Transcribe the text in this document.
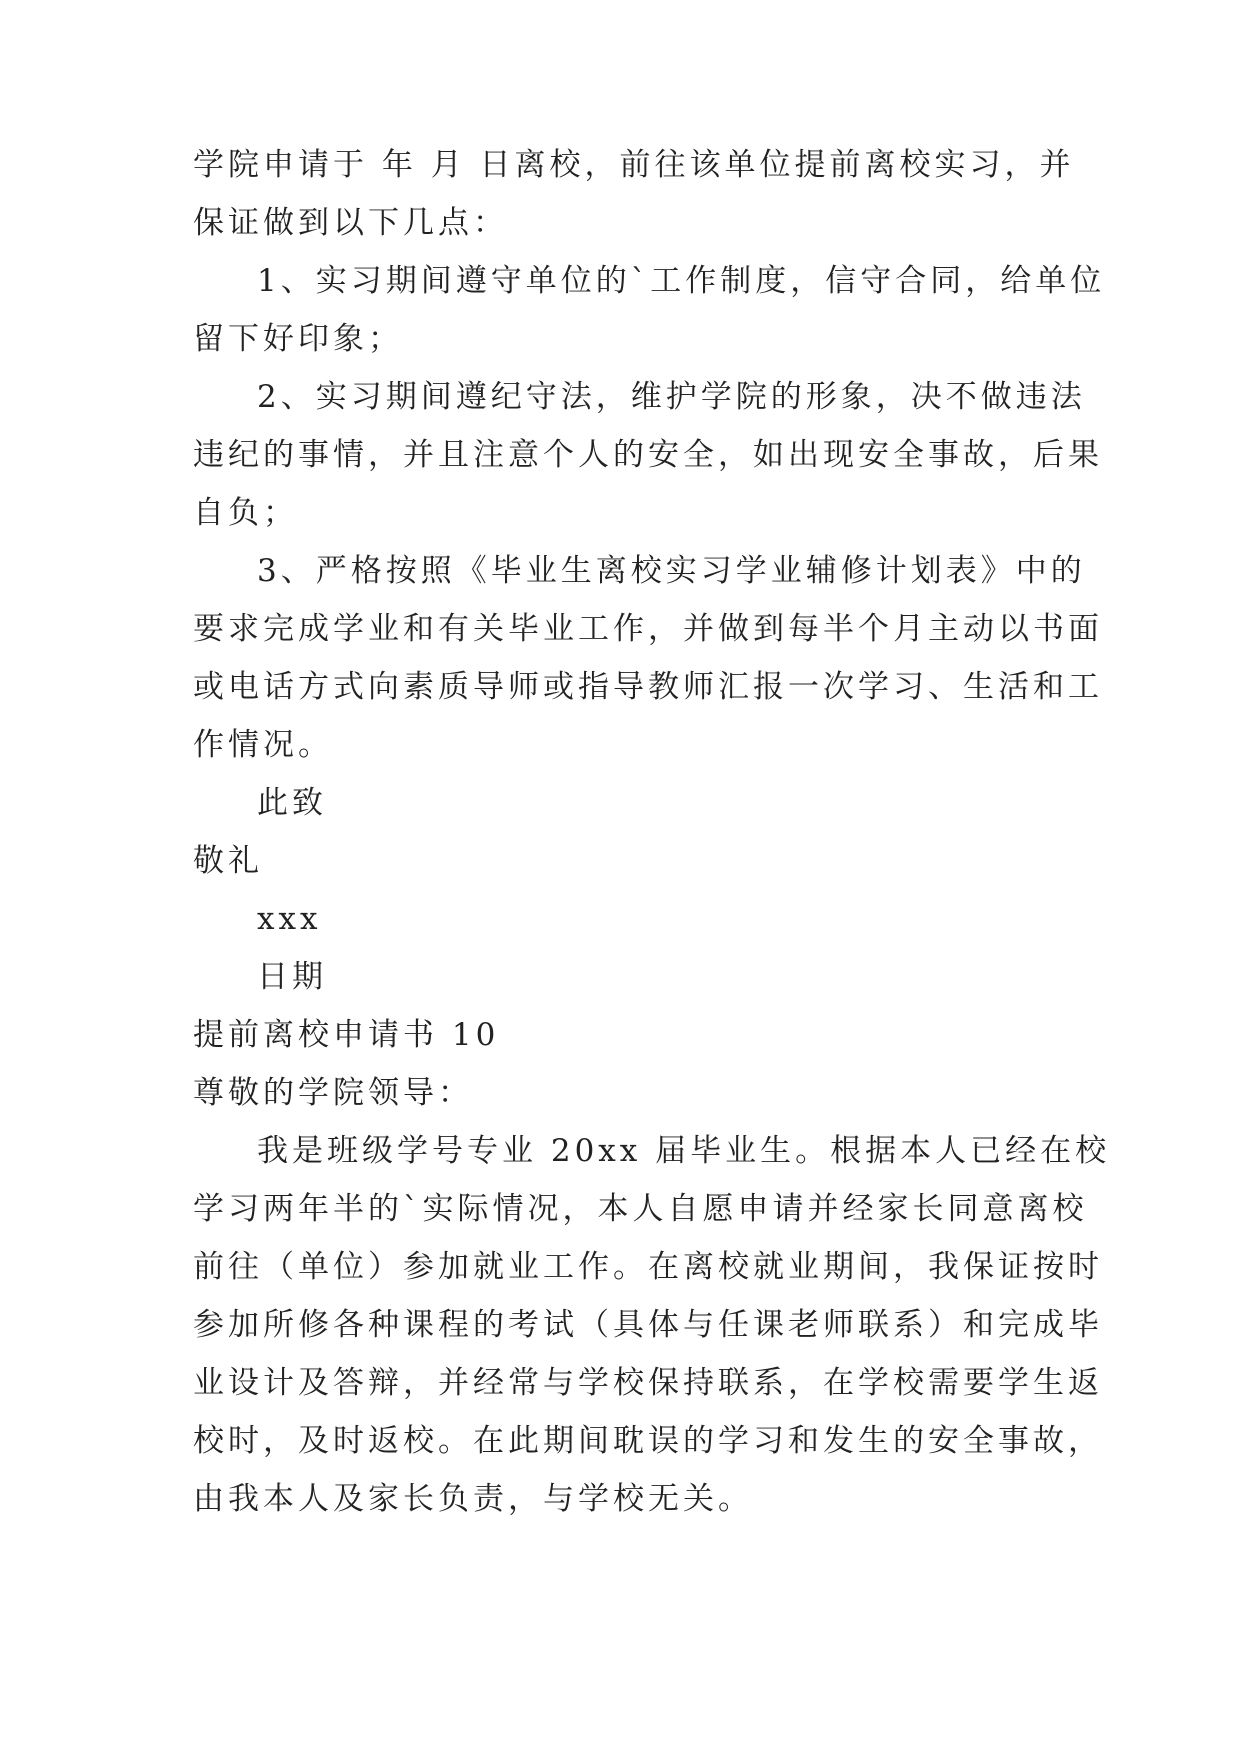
学院申请于 年 月 日离校，前往该单位提前离校实习，并
保证做到以下几点：

1、实习期间遵守单位的`工作制度，信守合同，给单位
留下好印象；

2、实习期间遵纪守法，维护学院的形象，决不做违法
违纪的事情，并且注意个人的安全，如出现安全事故，后果
自负；

3、严格按照《毕业生离校实习学业辅修计划表》中的
要求完成学业和有关毕业工作，并做到每半个月主动以书面
或电话方式向素质导师或指导教师汇报一次学习、生活和工
作情况。

此致
敬礼
xxx
日期

提前离校申请书 10
尊敬的学院领导：

我是班级学号专业 20xx 届毕业生。根据本人已经在校
学习两年半的`实际情况，本人自愿申请并经家长同意离校
前往（单位）参加就业工作。在离校就业期间，我保证按时
参加所修各种课程的考试（具体与任课老师联系）和完成毕
业设计及答辩，并经常与学校保持联系，在学校需要学生返
校时，及时返校。在此期间耽误的学习和发生的安全事故，
由我本人及家长负责，与学校无关。
